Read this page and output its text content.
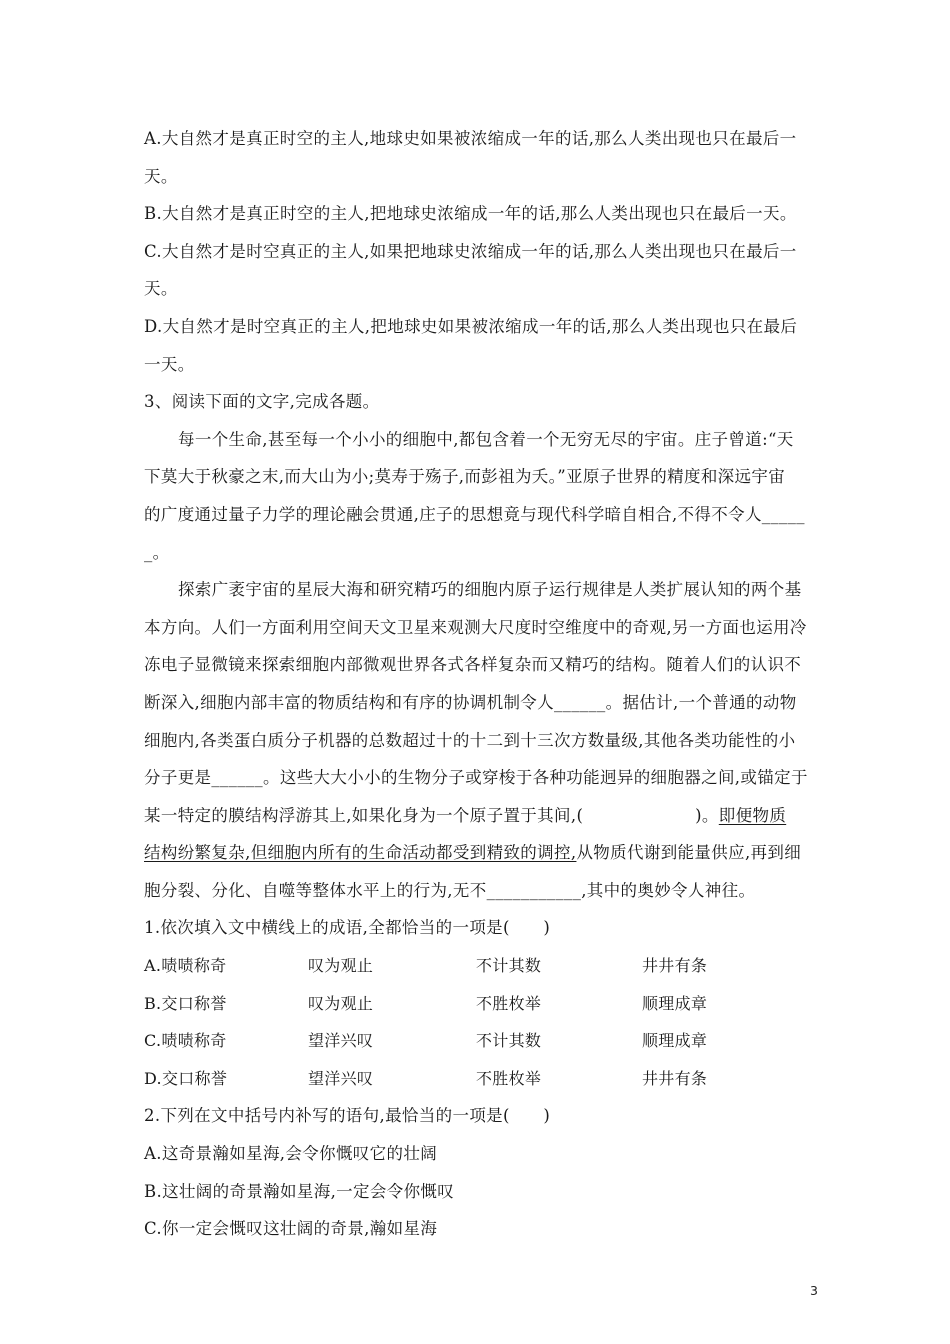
A.大自然才是真正时空的主人,地球史如果被浓缩成一年的话,那么人类出现也只在最后一
天。
B.大自然才是真正时空的主人,把地球史浓缩成一年的话,那么人类出现也只在最后一天。
C.大自然才是时空真正的主人,如果把地球史浓缩成一年的话,那么人类出现也只在最后一
天。
D.大自然才是时空真正的主人,把地球史如果被浓缩成一年的话,那么人类出现也只在最后
一天。
3、阅读下面的文字,完成各题。
每一个生命,甚至每一个小小的细胞中,都包含着一个无穷无尽的宇宙。庄子曾道:“天
下莫大于秋豪之末,而大山为小;莫寿于殇子,而彭祖为夭。”亚原子世界的精度和深远宇宙
的广度通过量子力学的理论融会贯通,庄子的思想竟与现代科学暗自相合,不得不令人_____
_。
探索广袤宇宙的星辰大海和研究精巧的细胞内原子运行规律是人类扩展认知的两个基
本方向。人们一方面利用空间天文卫星来观测大尺度时空维度中的奇观,另一方面也运用冷
冻电子显微镜来探索细胞内部微观世界各式各样复杂而又精巧的结构。随着人们的认识不
断深入,细胞内部丰富的物质结构和有序的协调机制令人______。据估计,一个普通的动物
细胞内,各类蛋白质分子机器的总数超过十的十二到十三次方数量级,其他各类功能性的小
分子更是______。这些大大小小的生物分子或穿梭于各种功能迥异的细胞器之间,或锚定于
某一特定的膜结构浮游其上,如果化身为一个原子置于其间,(	)。即便物质
结构纷繁复杂,但细胞内所有的生命活动都受到精致的调控,从物质代谢到能量供应,再到细
胞分裂、分化、自噬等整体水平上的行为,无不___________,其中的奥妙令人神往。
1.依次填入文中横线上的成语,全都恰当的一项是(      )
A.啧啧称奇	叹为观止	不计其数	井井有条
B.交口称誉	叹为观止	不胜枚举	顺理成章
C.啧啧称奇	望洋兴叹	不计其数	顺理成章
D.交口称誉	望洋兴叹	不胜枚举	井井有条
2.下列在文中括号内补写的语句,最恰当的一项是(      )
A.这奇景瀚如星海,会令你慨叹它的壮阔
B.这壮阔的奇景瀚如星海,一定会令你慨叹
C.你一定会慨叹这壮阔的奇景,瀚如星海
3
